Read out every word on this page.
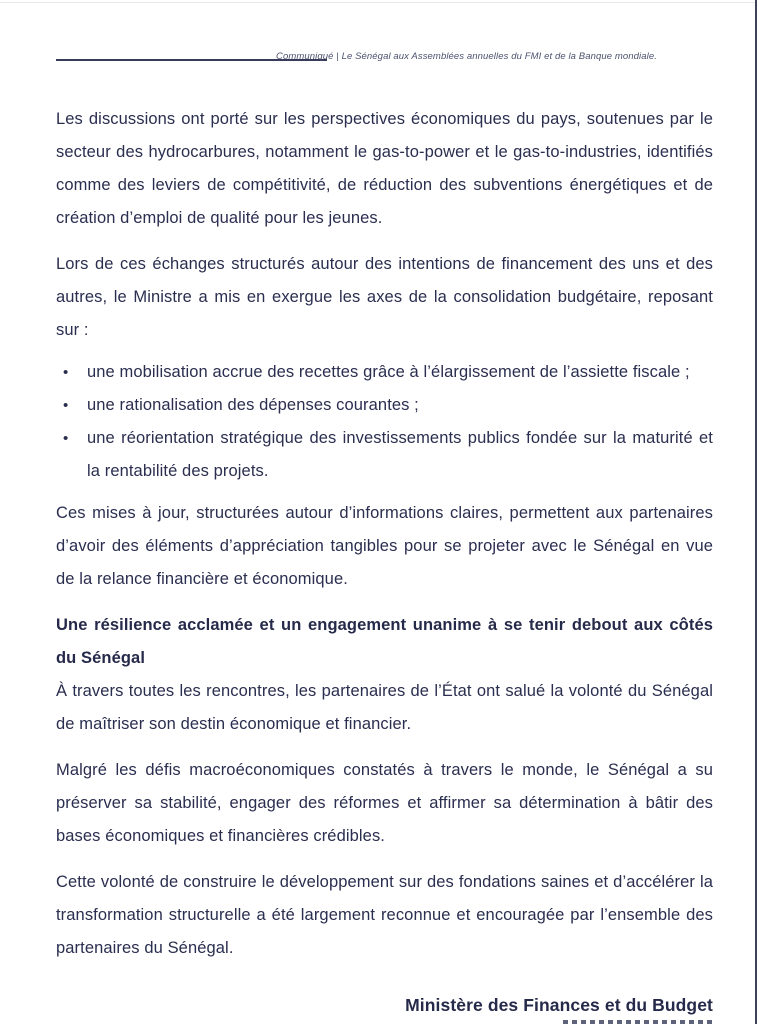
Communiqué | Le Sénégal aux Assemblées annuelles du FMI et de la Banque mondiale.

Les discussions ont porté sur les perspectives économiques du pays, soutenues par le secteur des hydrocarbures, notamment le gas-to-power et le gas-to-industries, identifiés comme des leviers de compétitivité, de réduction des subventions énergétiques et de création d’emploi de qualité pour les jeunes.

Lors de ces échanges structurés autour des intentions de financement des uns et des autres, le Ministre a mis en exergue les axes de la consolidation budgétaire, reposant sur :

• une mobilisation accrue des recettes grâce à l’élargissement de l’assiette fiscale ;
• une rationalisation des dépenses courantes ;
• une réorientation stratégique des investissements publics fondée sur la maturité et la rentabilité des projets.

Ces mises à jour, structurées autour d’informations claires, permettent aux partenaires d’avoir des éléments d’appréciation tangibles pour se projeter avec le Sénégal en vue de la relance financière et économique.

Une résilience acclamée et un engagement unanime à se tenir debout aux côtés du Sénégal

À travers toutes les rencontres, les partenaires de l’État ont salué la volonté du Sénégal de maîtriser son destin économique et financier.

Malgré les défis macroéconomiques constatés à travers le monde, le Sénégal a su préserver sa stabilité, engager des réformes et affirmer sa détermination à bâtir des bases économiques et financières crédibles.

Cette volonté de construire le développement sur des fondations saines et d’accélérer la transformation structurelle a été largement reconnue et encouragée par l’ensemble des partenaires du Sénégal.

Ministère des Finances et du Budget
